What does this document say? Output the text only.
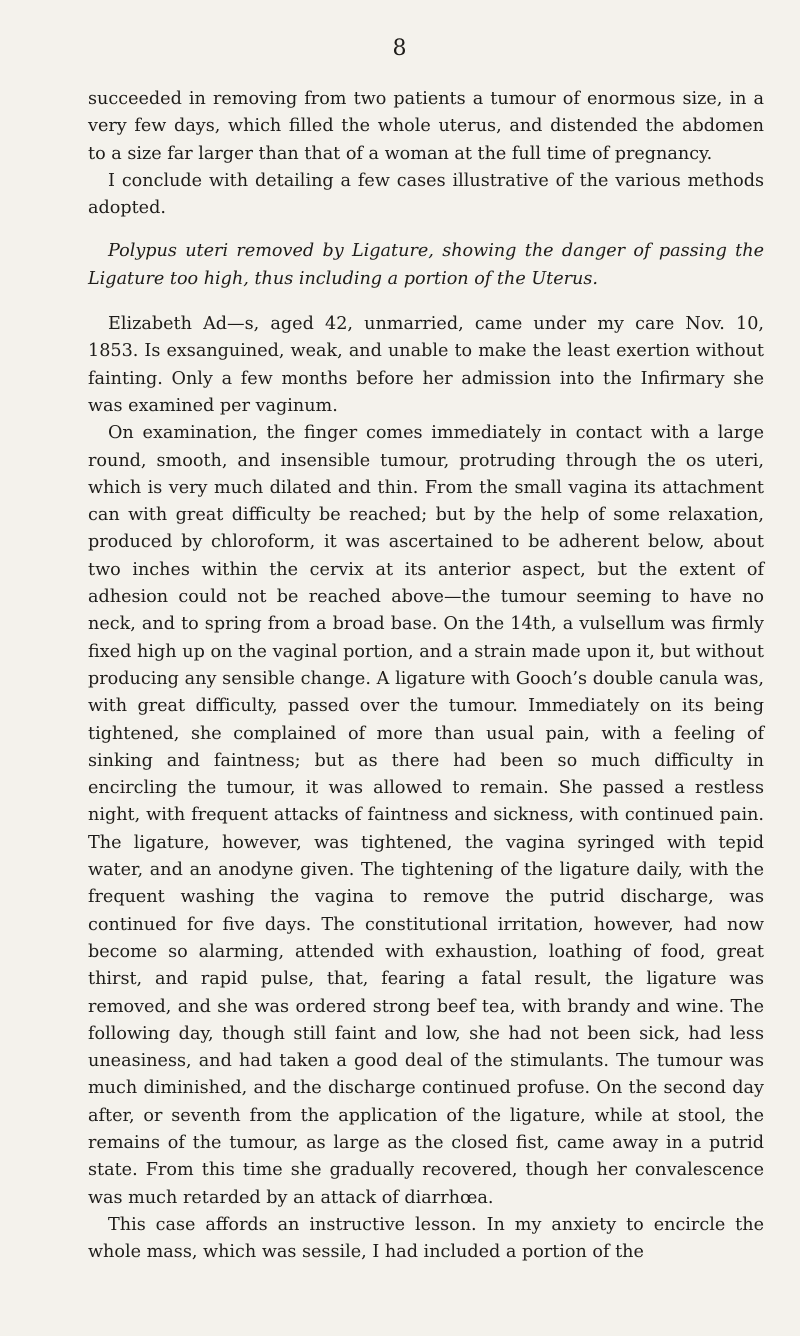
8

succeeded in removing from two patients a tumour of enormous size, in a very few days, which filled the whole uterus, and distended the abdomen to a size far larger than that of a woman at the full time of pregnancy.

I conclude with detailing a few cases illustrative of the various methods adopted.

Polypus uteri removed by Ligature, showing the danger of passing the Ligature too high, thus including a portion of the Uterus.

Elizabeth Ad—s, aged 42, unmarried, came under my care Nov. 10, 1853. Is exsanguined, weak, and unable to make the least exertion without fainting. Only a few months before her admission into the Infirmary she was examined per vaginum.

On examination, the finger comes immediately in contact with a large round, smooth, and insensible tumour, protruding through the os uteri, which is very much dilated and thin. From the small vagina its attachment can with great difficulty be reached; but by the help of some relaxation, produced by chloroform, it was ascertained to be adherent below, about two inches within the cervix at its anterior aspect, but the extent of adhesion could not be reached above—the tumour seeming to have no neck, and to spring from a broad base. On the 14th, a vulsellum was firmly fixed high up on the vaginal portion, and a strain made upon it, but without producing any sensible change. A ligature with Gooch’s double canula was, with great difficulty, passed over the tumour. Immediately on its being tightened, she complained of more than usual pain, with a feeling of sinking and faintness; but as there had been so much difficulty in encircling the tumour, it was allowed to remain. She passed a restless night, with frequent attacks of faintness and sickness, with continued pain. The ligature, however, was tightened, the vagina syringed with tepid water, and an anodyne given. The tightening of the ligature daily, with the frequent washing the vagina to remove the putrid discharge, was continued for five days. The constitutional irritation, however, had now become so alarming, attended with exhaustion, loathing of food, great thirst, and rapid pulse, that, fearing a fatal result, the ligature was removed, and she was ordered strong beef tea, with brandy and wine. The following day, though still faint and low, she had not been sick, had less uneasiness, and had taken a good deal of the stimulants. The tumour was much diminished, and the discharge continued profuse. On the second day after, or seventh from the application of the ligature, while at stool, the remains of the tumour, as large as the closed fist, came away in a putrid state. From this time she gradually recovered, though her convalescence was much retarded by an attack of diarrhœa.

This case affords an instructive lesson. In my anxiety to encircle the whole mass, which was sessile, I had included a portion of the
